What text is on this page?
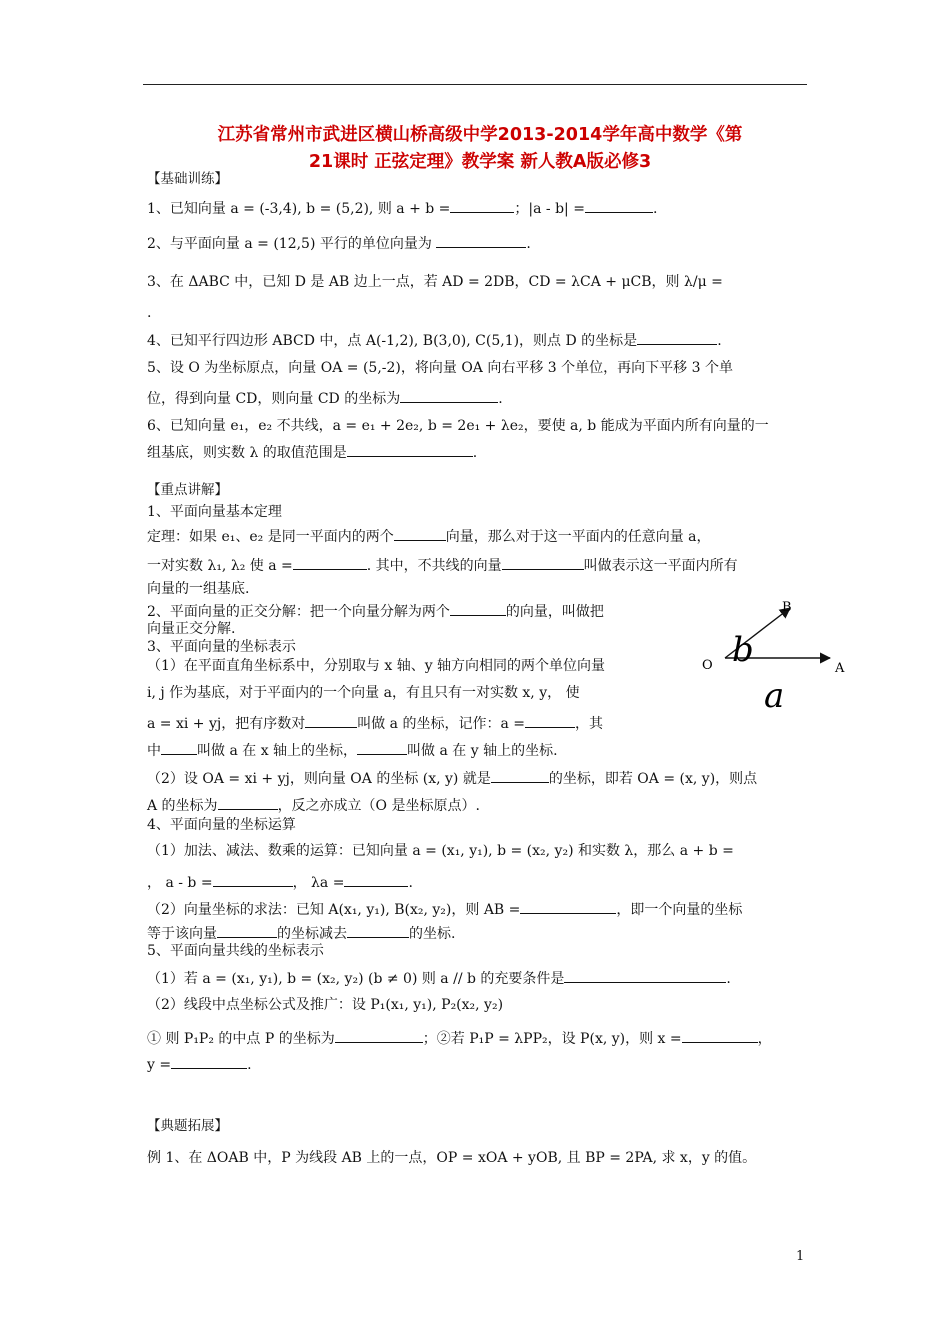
江苏省常州市武进区横山桥高级中学2013-2014学年高中数学《第
21课时 正弦定理》教学案 新人教A版必修3
【基础训练】
1、已知向量 a = (-3,4), b = (5,2), 则 a + b =	；|a - b| =	.
2、与平面向量 a = (12,5) 平行的单位向量为	.
3、在 ΔABC 中，已知 D 是 AB 边上一点，若 AD = 2DB，CD = λCA + μCB，则 λ/μ =
.
4、已知平行四边形 ABCD 中，点 A(-1,2), B(3,0), C(5,1)，则点 D 的坐标是	.
5、设 O 为坐标原点，向量 OA = (5,-2)，将向量 OA 向右平移 3 个单位，再向下平移 3 个单
位，得到向量 CD，则向量 CD 的坐标为	.
6、已知向量 e₁，e₂ 不共线，a = e₁ + 2e₂, b = 2e₁ + λe₂，要使 a, b 能成为平面内所有向量的一
组基底，则实数 λ 的取值范围是	.
【重点讲解】
1、平面向量基本定理
定理：如果 e₁、e₂ 是同一平面内的两个	向量，那么对于这一平面内的任意向量 a，
一对实数 λ₁, λ₂ 使 a =	. 其中，不共线的向量	叫做表示这一平面内所有
向量的一组基底.
2、平面向量的正交分解：把一个向量分解为两个	的向量，叫做把
向量正交分解.
3、平面向量的坐标表示
（1）在平面直角坐标系中，分别取与 x 轴、y 轴方向相同的两个单位向量
i, j 作为基底，对于平面内的一个向量 a，有且只有一对实数 x, y， 使
a = xi + yj，把有序数对	叫做 a 的坐标，记作：a =	，其
中	叫做 a 在 x 轴上的坐标，	叫做 a 在 y 轴上的坐标.
（2）设 OA = xi + yj，则向量 OA 的坐标 (x, y) 就是	的坐标，即若 OA = (x, y)，则点
A 的坐标为	，反之亦成立（O 是坐标原点）.
4、平面向量的坐标运算
（1）加法、减法、数乘的运算：已知向量 a = (x₁, y₁), b = (x₂, y₂) 和实数 λ，那么 a + b =
， a - b =	， λa =	.
（2）向量坐标的求法：已知 A(x₁, y₁), B(x₂, y₂)，则 AB =	，即一个向量的坐标
等于该向量	的坐标减去	的坐标.
5、平面向量共线的坐标表示
（1）若 a = (x₁, y₁), b = (x₂, y₂) (b ≠ 0) 则 a // b 的充要条件是	.
（2）线段中点坐标公式及推广：设 P₁(x₁, y₁), P₂(x₂, y₂)
① 则 P₁P₂ 的中点 P 的坐标为	；②若 P₁P = λPP₂，设 P(x, y)，则 x =	，
y =	.
【典题拓展】
例 1、在 ΔOAB 中，P 为线段 AB 上的一点，OP = xOA + yOB, 且 BP = 2PA, 求 x，y 的值。
O	A
B
b
a
1
